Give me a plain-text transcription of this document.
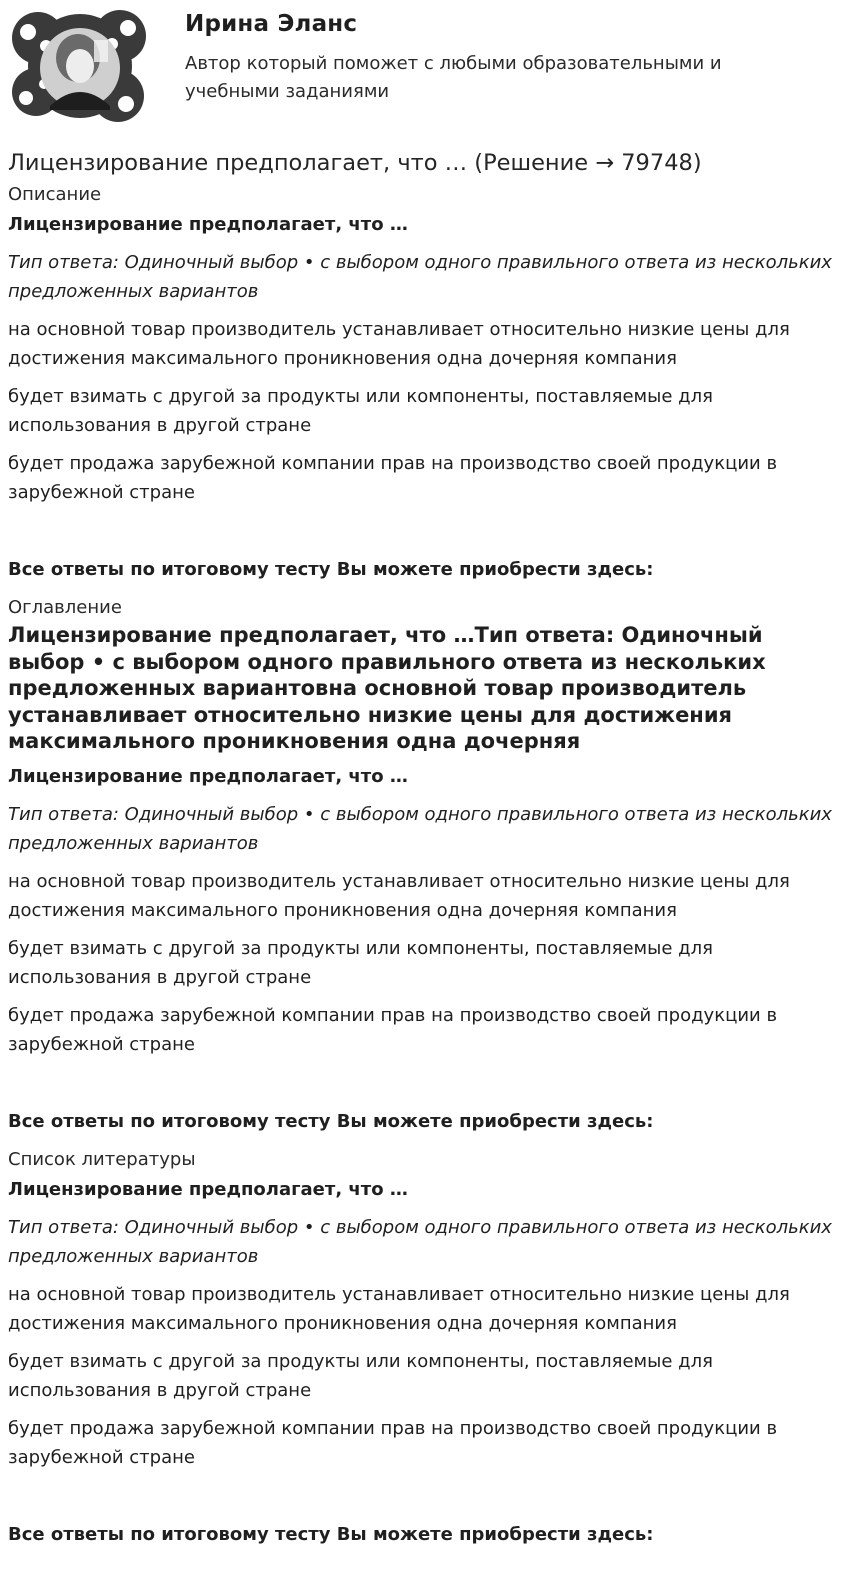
Ирина Эланс
Автор который поможет с любыми образовательными и учебными заданиями
Лицензирование предполагает, что … (Решение → 79748)

Описание

Лицензирование предполагает, что …

Тип ответа: Одиночный выбор • с выбором одного правильного ответа из нескольких предложенных вариантов

на основной товар производитель устанавливает относительно низкие цены для достижения максимального проникновения одна дочерняя компания

будет взимать с другой за продукты или компоненты, поставляемые для использования в другой стране

будет продажа зарубежной компании прав на производство своей продукции в зарубежной стране

Все ответы по итоговому тесту Вы можете приобрести здесь:

Оглавление

Лицензирование предполагает, что …Тип ответа: Одиночный выбор • с выбором одного правильного ответа из нескольких предложенных вариантовна основной товар производитель устанавливает относительно низкие цены для достижения максимального проникновения одна дочерняя

Лицензирование предполагает, что …

Тип ответа: Одиночный выбор • с выбором одного правильного ответа из нескольких предложенных вариантов

на основной товар производитель устанавливает относительно низкие цены для достижения максимального проникновения одна дочерняя компания

будет взимать с другой за продукты или компоненты, поставляемые для использования в другой стране

будет продажа зарубежной компании прав на производство своей продукции в зарубежной стране

Все ответы по итоговому тесту Вы можете приобрести здесь:

Список литературы

Лицензирование предполагает, что …

Тип ответа: Одиночный выбор • с выбором одного правильного ответа из нескольких предложенных вариантов

на основной товар производитель устанавливает относительно низкие цены для достижения максимального проникновения одна дочерняя компания

будет взимать с другой за продукты или компоненты, поставляемые для использования в другой стране

будет продажа зарубежной компании прав на производство своей продукции в зарубежной стране

Все ответы по итоговому тесту Вы можете приобрести здесь:
